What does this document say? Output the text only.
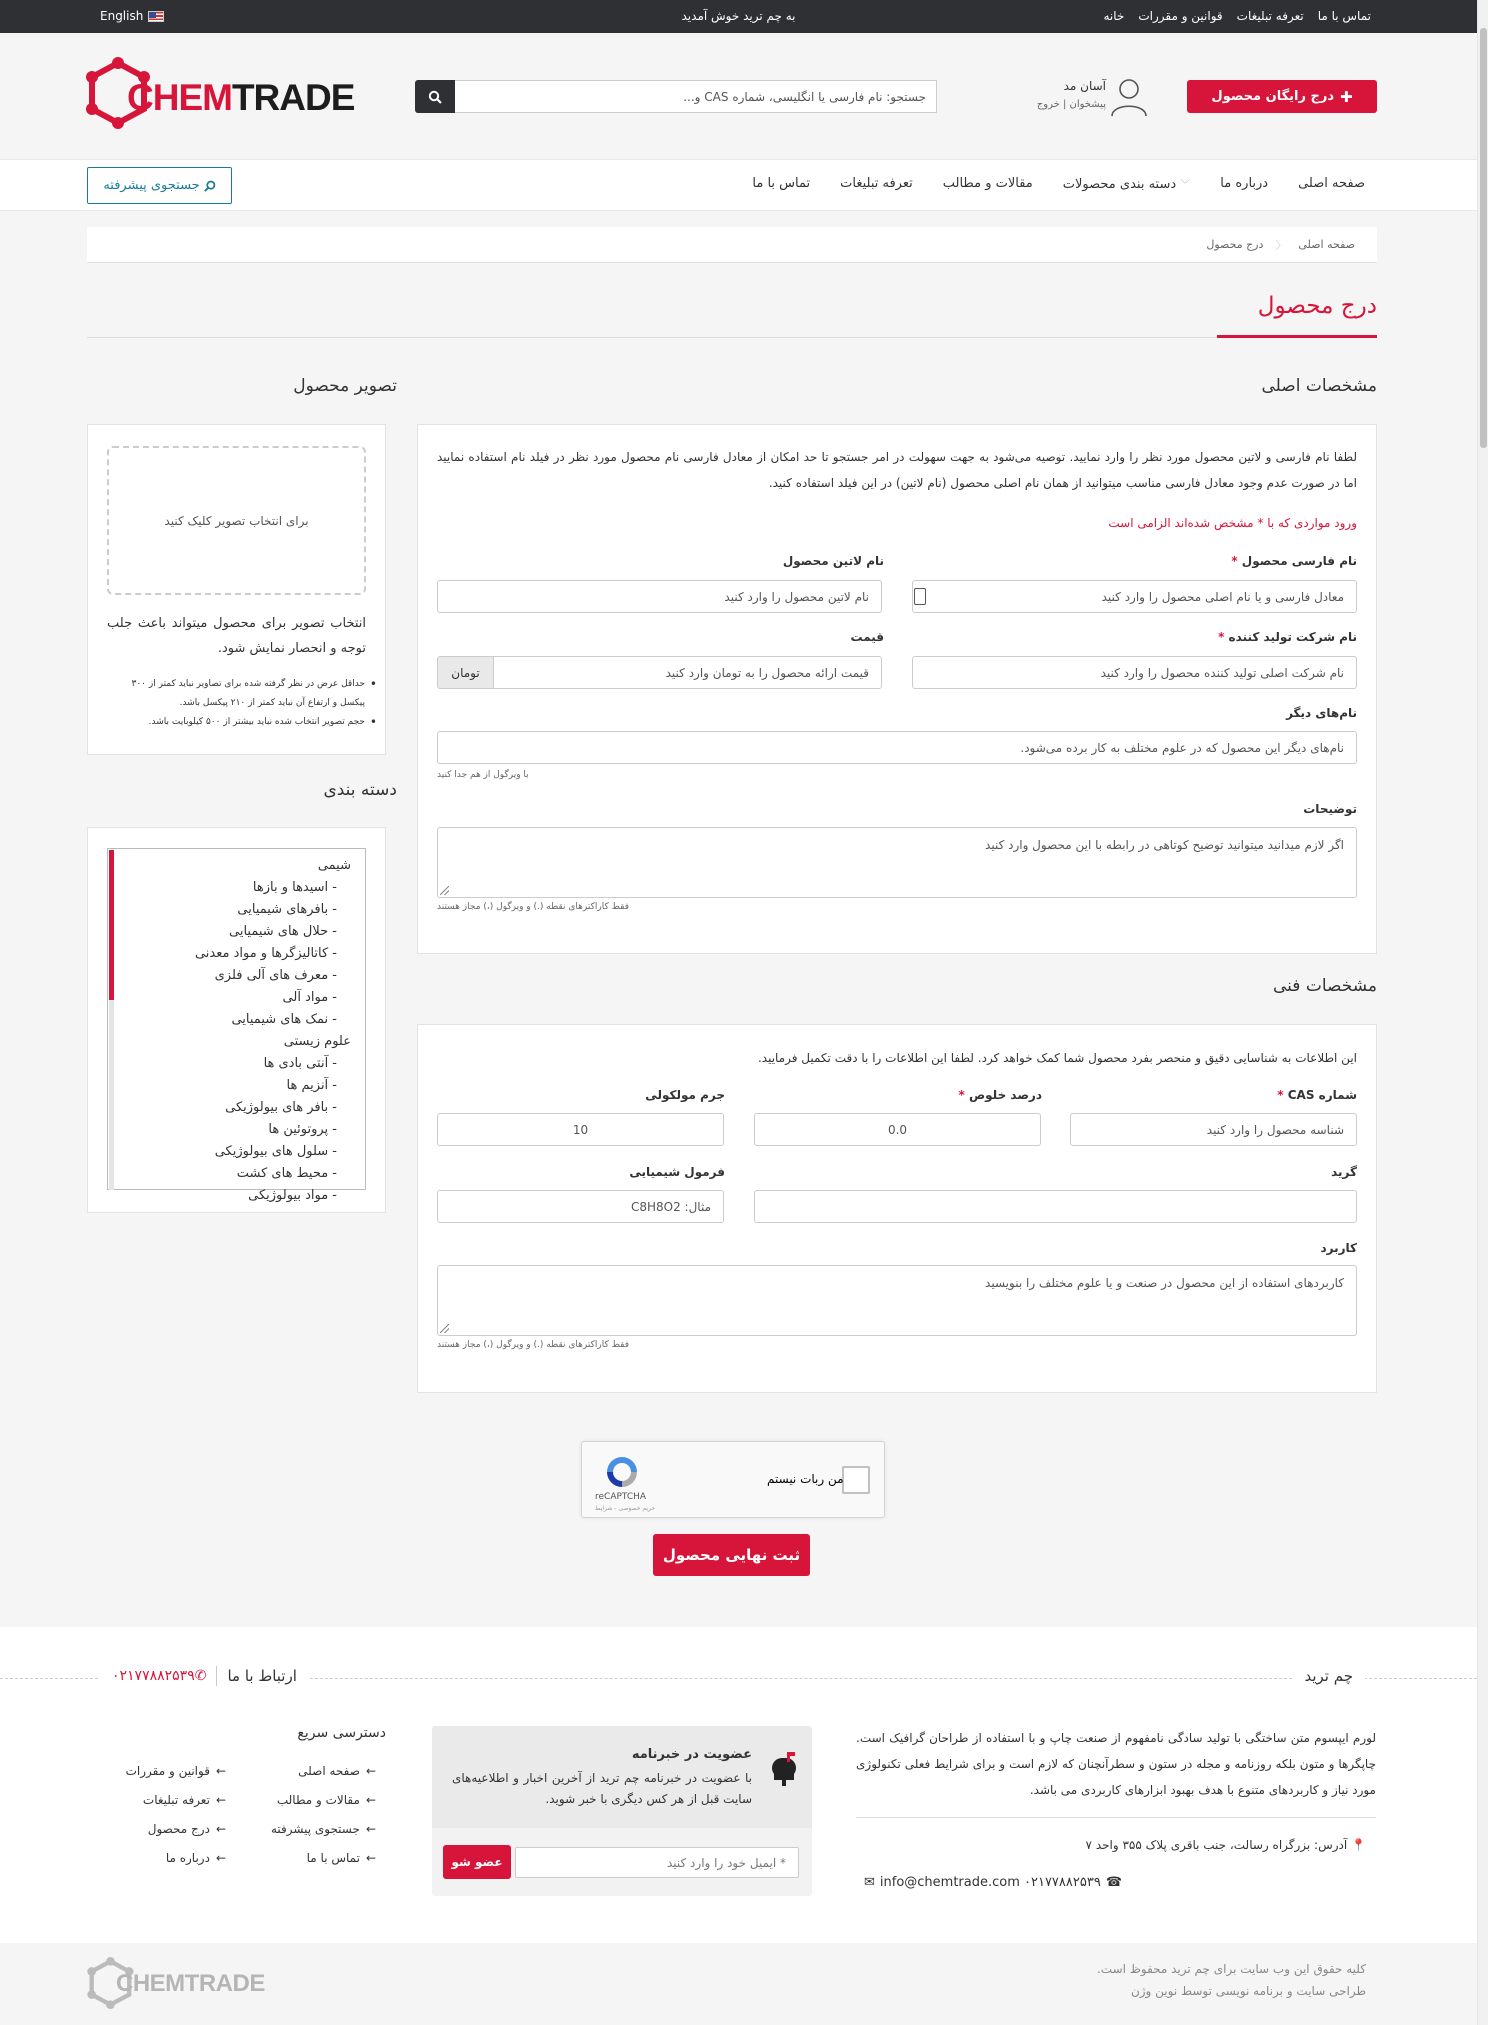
English	به چم ترید خوش آمدید	خانه قوانین و مقررات تعرفه تبلیغات تماس با ما
CHEMTRADE	جستجو: نام فارسی یا انگلیسی، شماره CAS و...
آسان مد
پیشخوان | خروج	✚
درج رایگان محصول
صفحه اصلی
درباره ما
دسته بندی محصولات ﹀
مقالات و مطالب
تعرفه تبلیغات
تماس با ما
جستجوی پیشرفته
صفحه اصلی
〈
درج محصول
درج محصول
مشخصات اصلی
لطفا نام فارسی و لاتین محصول مورد نظر را وارد نمایید. توصیه می‌شود به جهت سهولت در امر جستجو تا حد امکان از معادل فارسی نام محصول مورد نظر در فیلد نام استفاده نمایید اما در صورت عدم وجود معادل فارسی مناسب میتوانید از همان نام اصلی محصول (نام لاتین) در این فیلد استفاده کنید.
ورود مواردی که با * مشخص شده‌اند الزامی است
نام فارسی محصول *
معادل فارسی و یا نام اصلی محصول را وارد کنید
نام لاتین محصول
نام لاتین محصول را وارد کنید
نام شرکت تولید کننده *
نام شرکت اصلی تولید کننده محصول را وارد کنید
قیمت
قیمت ارائه محصول را به تومان وارد کنید
تومان
نام‌های دیگر
نام‌های دیگر این محصول که در علوم مختلف به کار برده می‌شود.
با ویرگول از هم جدا کنید
توضیحات
اگر لازم میدانید میتوانید توضیح کوتاهی در رابطه با این محصول وارد کنید
فقط کاراکترهای نقطه (.) و ویرگول (،) مجاز هستند
مشخصات فنی
این اطلاعات به شناسایی دقیق و منحصر بفرد محصول شما کمک خواهد کرد. لطفا این اطلاعات را با دقت تکمیل فرمایید.
شماره CAS *
شناسه محصول را وارد کنید
درصد خلوص *
0.0
جرم مولکولی
10
گرید
فرمول شیمیایی
مثال: C8H8O2
کاربرد
کاربردهای استفاده از این محصول در صنعت و یا علوم مختلف را بنویسید
فقط کاراکترهای نقطه (.) و ویرگول (،) مجاز هستند
تصویر محصول
برای انتخاب تصویر کلیک کنید
انتخاب تصویر برای محصول میتواند باعث جلب توجه و انحصار نمایش شود.
• حداقل عرض در نظر گرفته شده برای تصاویر نباید کمتر از ۳۰۰ پیکسل و ارتفاع آن نباید کمتر از ۲۱۰ پیکسل باشد.
• حجم تصویر انتخاب شده نباید بیشتر از ۵۰۰ کیلوبایت باشد.
دسته بندی
شیمی
- اسیدها و بازها
- بافرهای شیمیایی
- حلال های شیمیایی
- کاتالیزگرها و مواد معدنی
- معرف های آلی فلزی
- مواد آلی
- نمک های شیمیایی
علوم زیستی
- آنتی بادی ها
- آنزیم ها
- بافر های بیولوژیکی
- پروتوئین ها
- سلول های بیولوژیکی
- محیط های کشت
- مواد بیولوژیکی
من ربات نیستم
reCAPTCHA
حریم خصوصی - شرایط
ثبت نهایی محصول
چم ترید
ارتباط با ما
✆۰۲۱۷۷۸۸۲۵۳۹
لورم ایپسوم متن ساختگی با تولید سادگی نامفهوم از صنعت چاپ و با استفاده از طراحان گرافیک است. چاپگرها و متون بلکه روزنامه و مجله در ستون و سطرآنچنان که لازم است و برای شرایط فعلی تکنولوژی مورد نیاز و کاربردهای متنوع با هدف بهبود ابزارهای کاربردی می باشد.
📍 آدرس: بزرگراه رسالت، جنب باقری پلاک ۳۵۵ واحد ۷
✉ info@chemtrade.com ۰۲۱۷۷۸۸۲۵۳۹ ☎
عضویت در خبرنامه
با عضویت در خبرنامه چم ترید از آخرین اخبار و اطلاعیه‌های سایت قبل از هر کس دیگری با خبر شوید.
* ایمیل خود را وارد کنید
عضو شو
دسترسی سریع
← صفحه اصلی
← مقالات و مطالب
← جستجوی پیشرفته
← تماس با ما
← قوانین و مقررات
← تعرفه تبلیغات
← درج محصول
← درباره ما
کلیه حقوق این وب سایت برای چم ترید محفوظ است.
طراحی سایت و برنامه نویسی توسط نوین وژن
CHEMTRADE
